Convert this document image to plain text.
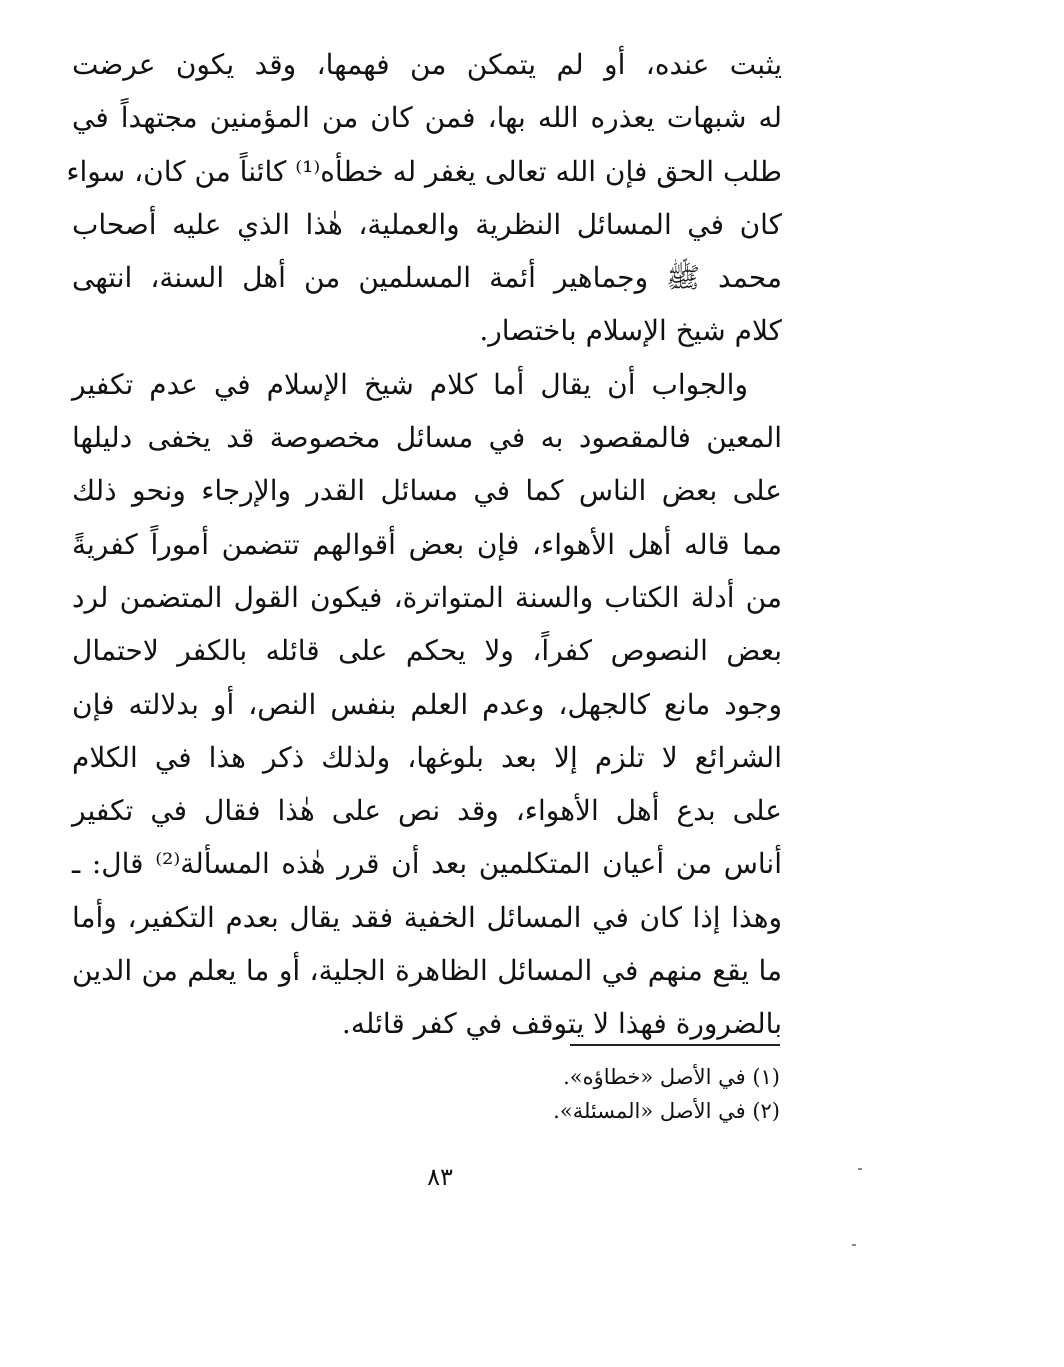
يثبت عنده، أو لم يتمكن من فهمها، وقد يكون عرضت
له شبهات يعذره الله بها، فمن كان من المؤمنين مجتهداً في
طلب الحق فإن الله تعالى يغفر له خطأه⁽¹⁾ كائناً من كان، سواء
كان في المسائل النظرية والعملية، هٰذا الذي عليه أصحاب
محمد ﷺ وجماهير أئمة المسلمين من أهل السنة، انتهى
كلام شيخ الإسلام باختصار.
والجواب أن يقال أما كلام شيخ الإسلام في عدم تكفير
المعين فالمقصود به في مسائل مخصوصة قد يخفى دليلها
على بعض الناس كما في مسائل القدر والإرجاء ونحو ذلك
مما قاله أهل الأهواء، فإن بعض أقوالهم تتضمن أموراً كفريةً
من أدلة الكتاب والسنة المتواترة، فيكون القول المتضمن لرد
بعض النصوص كفراً، ولا يحكم على قائله بالكفر لاحتمال
وجود مانع كالجهل، وعدم العلم بنفس النص، أو بدلالته فإن
الشرائع لا تلزم إلا بعد بلوغها، ولذلك ذكر هذا في الكلام
على بدع أهل الأهواء، وقد نص على هٰذا فقال في تكفير
أناس من أعيان المتكلمين بعد أن قرر هٰذه المسألة⁽²⁾ قال: ـ
وهذا إذا كان في المسائل الخفية فقد يقال بعدم التكفير، وأما
ما يقع منهم في المسائل الظاهرة الجلية، أو ما يعلم من الدين
بالضرورة فهذا لا يتوقف في كفر قائله.
(١) في الأصل «خطاؤه».
(٢) في الأصل «المسئلة».
٨٣
